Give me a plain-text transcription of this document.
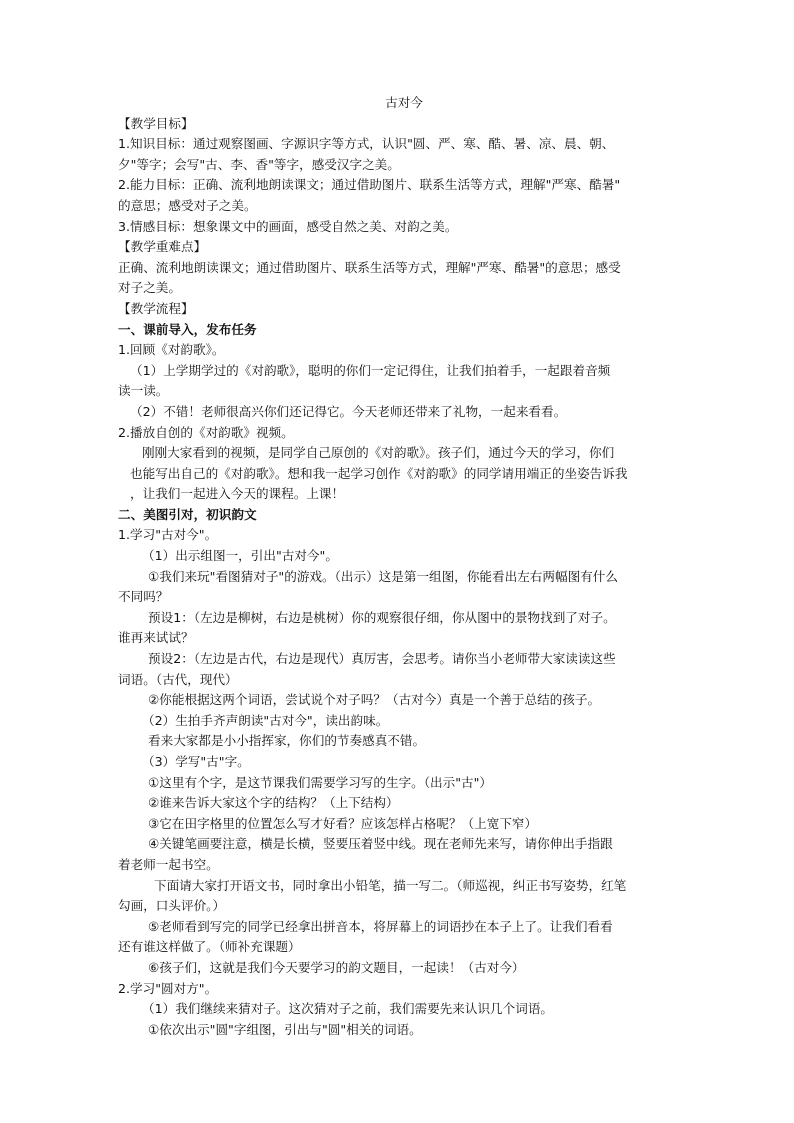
古对今
【教学目标】
1.知识目标：通过观察图画、字源识字等方式，认识"圆、严、寒、酷、暑、凉、晨、朝、
夕"等字；会写"古、李、香"等字，感受汉字之美。
2.能力目标：正确、流利地朗读课文；通过借助图片、联系生活等方式，理解"严寒、酷暑"
的意思；感受对子之美。
3.情感目标：想象课文中的画面，感受自然之美、对韵之美。
【教学重难点】
正确、流利地朗读课文；通过借助图片、联系生活等方式，理解"严寒、酷暑"的意思；感受
对子之美。
【教学流程】
一、课前导入，发布任务
1.回顾《对韵歌》。
（1）上学期学过的《对韵歌》，聪明的你们一定记得住，让我们拍着手，一起跟着音频
读一读。
（2）不错！老师很高兴你们还记得它。今天老师还带来了礼物，一起来看看。
2.播放自创的《对韵歌》视频。
刚刚大家看到的视频，是同学自己原创的《对韵歌》。孩子们，通过今天的学习，你们
也能写出自己的《对韵歌》。想和我一起学习创作《对韵歌》的同学请用端正的坐姿告诉我
，让我们一起进入今天的课程。上课！
二、美图引对，初识韵文
1.学习"古对今"。
（1）出示组图一，引出"古对今"。
①我们来玩"看图猜对子"的游戏。（出示）这是第一组图，你能看出左右两幅图有什么
不同吗？
预设1：（左边是柳树，右边是桃树）你的观察很仔细，你从图中的景物找到了对子。
谁再来试试？
预设2：（左边是古代，右边是现代）真厉害，会思考。请你当小老师带大家读读这些
词语。（古代，现代）
②你能根据这两个词语，尝试说个对子吗？（古对今）真是一个善于总结的孩子。
（2）生拍手齐声朗读"古对今"，读出韵味。
看来大家都是小小指挥家，你们的节奏感真不错。
（3）学写"古"字。
①这里有个字，是这节课我们需要学习写的生字。（出示"古"）
②谁来告诉大家这个字的结构？（上下结构）
③它在田字格里的位置怎么写才好看？应该怎样占格呢？（上宽下窄）
④关键笔画要注意，横是长横，竖要压着竖中线。现在老师先来写，请你伸出手指跟
着老师一起书空。
下面请大家打开语文书，同时拿出小铅笔，描一写二。（师巡视，纠正书写姿势，红笔
勾画，口头评价。）
⑤老师看到写完的同学已经拿出拼音本，将屏幕上的词语抄在本子上了。让我们看看
还有谁这样做了。（师补充课题）
⑥孩子们，这就是我们今天要学习的韵文题目，一起读！（古对今）
2.学习"圆对方"。
（1）我们继续来猜对子。这次猜对子之前，我们需要先来认识几个词语。
①依次出示"圆"字组图，引出与"圆"相关的词语。
